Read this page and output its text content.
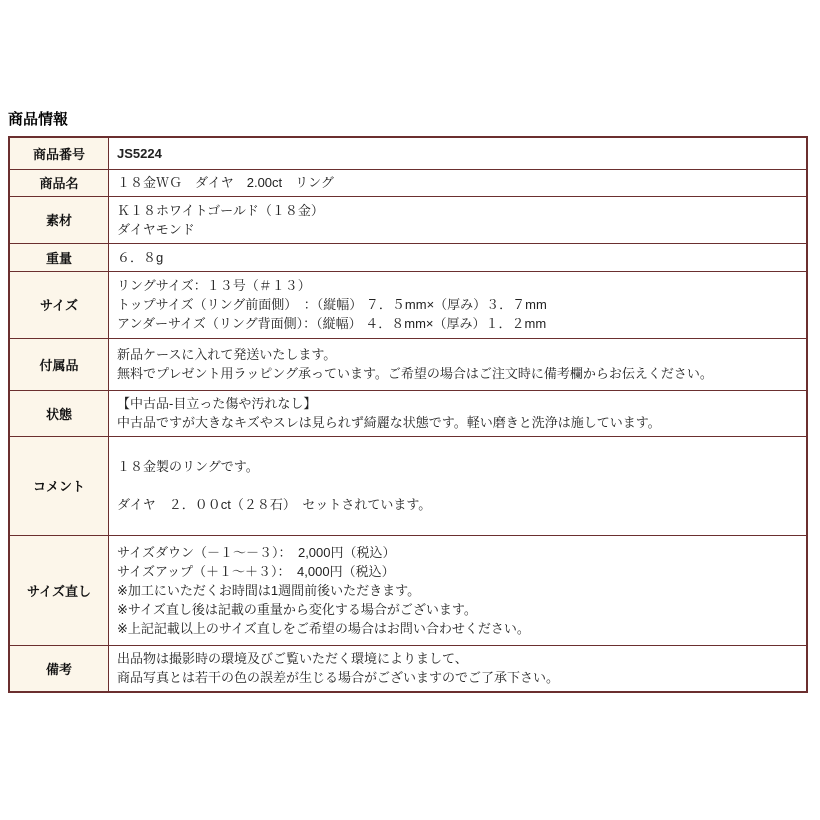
商品情報
商品番号	JS5224

商品名	１８金ＷＧ　ダイヤ　2.00ct　リング

素材	Ｋ１８ホワイトゴールド（１８金）
ダイヤモンド

重量	６．８g

サイズ	リングサイズ：１３号（＃１３）
トップサイズ（リング前面側）　：（縦幅） ７．５mm×（厚み）３．７mm
アンダーサイズ（リング背面側）：（縦幅） ４．８mm×（厚み）１．２mm

付属品	新品ケースに入れて発送いたします。
無料でプレゼント用ラッピング承っています。ご希望の場合はご注文時に備考欄からお伝えください。

状態	【中古品-目立った傷や汚れなし】
中古品ですが大きなキズやスレは見られず綺麗な状態です。軽い磨きと洗浄は施しています。

コメント	１８金製のリングです。
ダイヤ　２．００ct（２８石）　セットされています。

サイズ直し	サイズダウン（－１～－３）：　2,000円（税込）
サイズアップ（＋１～＋３）：　4,000円（税込）
※加工にいただくお時間は1週間前後いただきます。
※サイズ直し後は記載の重量から変化する場合がございます。
※上記記載以上のサイズ直しをご希望の場合はお問い合わせください。

備考	出品物は撮影時の環境及びご覧いただく環境によりまして、
商品写真とは若干の色の誤差が生じる場合がございますのでご了承下さい。
